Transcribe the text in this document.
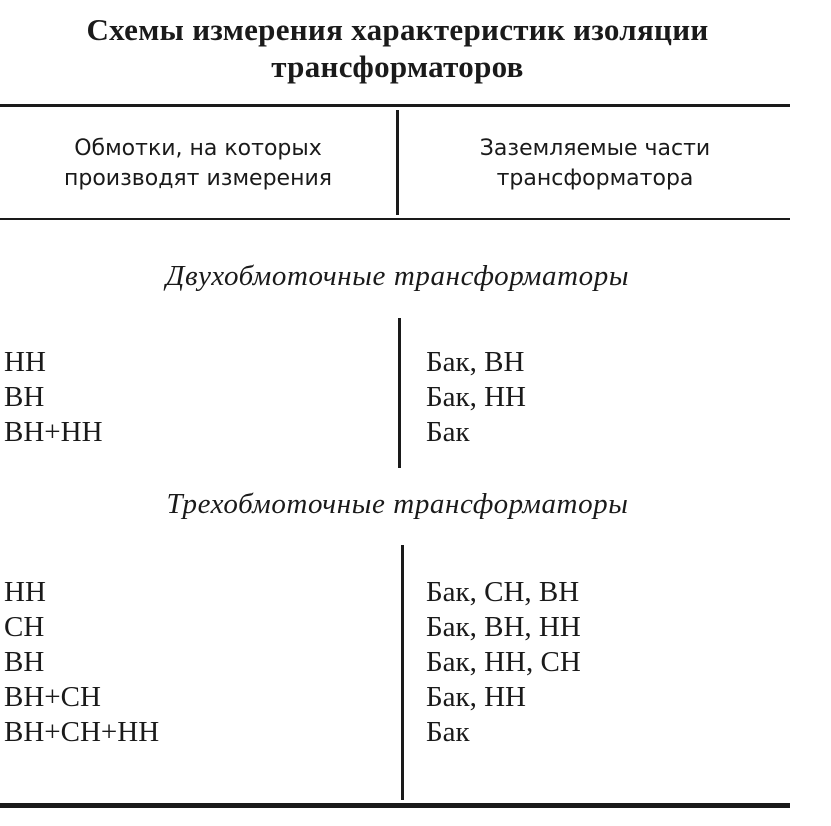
Схемы измерения характеристик изоляции
трансформаторов
Обмотки, на которых
производят измерения
Заземляемые части
трансформатора
Двухобмоточные трансформаторы
НН
ВН
ВН+НН
Бак, ВН
Бак, НН
Бак
Трехобмоточные трансформаторы
НН
СН
ВН
ВН+СН
ВН+СН+НН
Бак, СН, ВН
Бак, ВН, НН
Бак, НН, СН
Бак, НН
Бак
